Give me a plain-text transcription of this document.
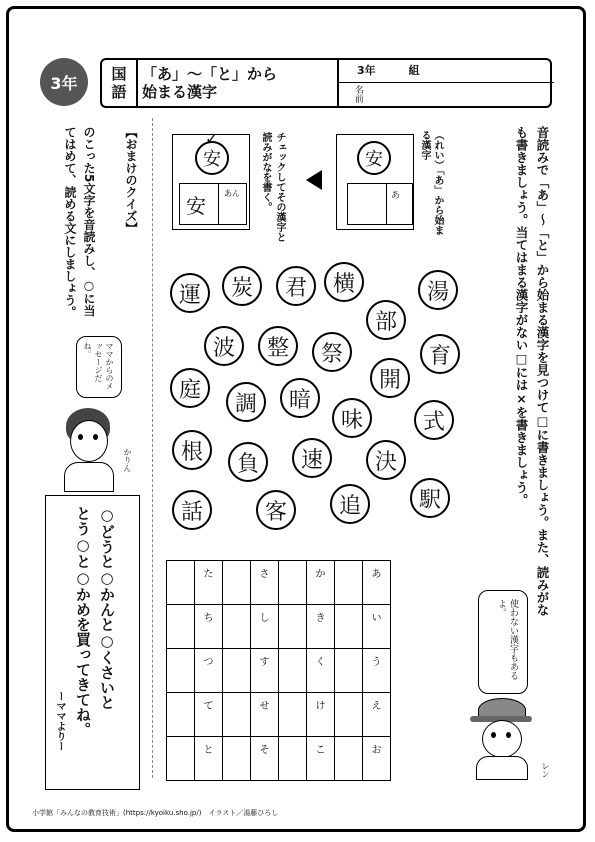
3年	国
語
「あ」〜「と」から
始まる漢字
3年　　　組
名前
音読みで「あ」〜「と」から始まる漢字を見つけて□に書きましょう。また、読みがなも書きましょう。当てはまる漢字がない□には×を書きましょう。
（れい）「あ」から始まる漢字
安
あ
チェックしてその漢字と読みがなを書く。
安
✓
安
あん
【おまけのクイズ】
のこった5文字を音読みし、○に当てはめて、読める文にしましょう。	運	炭	君	横	湯
部
波	整	祭	育
開
庭
調	暗
味	式
根	負	速	決
話	客	追	駅
	た		さ		か		あ
	ち		し		き		い
	つ		す		く		う
	て		せ		け		え
	と		そ		こ		お
○どうと○かんと○くさいと
とう○と○かめを買ってきてね。
ーママよりー
ママからのメッセージだね。
かりん
使わない漢字もあるよ。
レン
小学館「みんなの教育技術」(https://kyoiku.sho.jp/)　イラスト／湯藤ひろし
